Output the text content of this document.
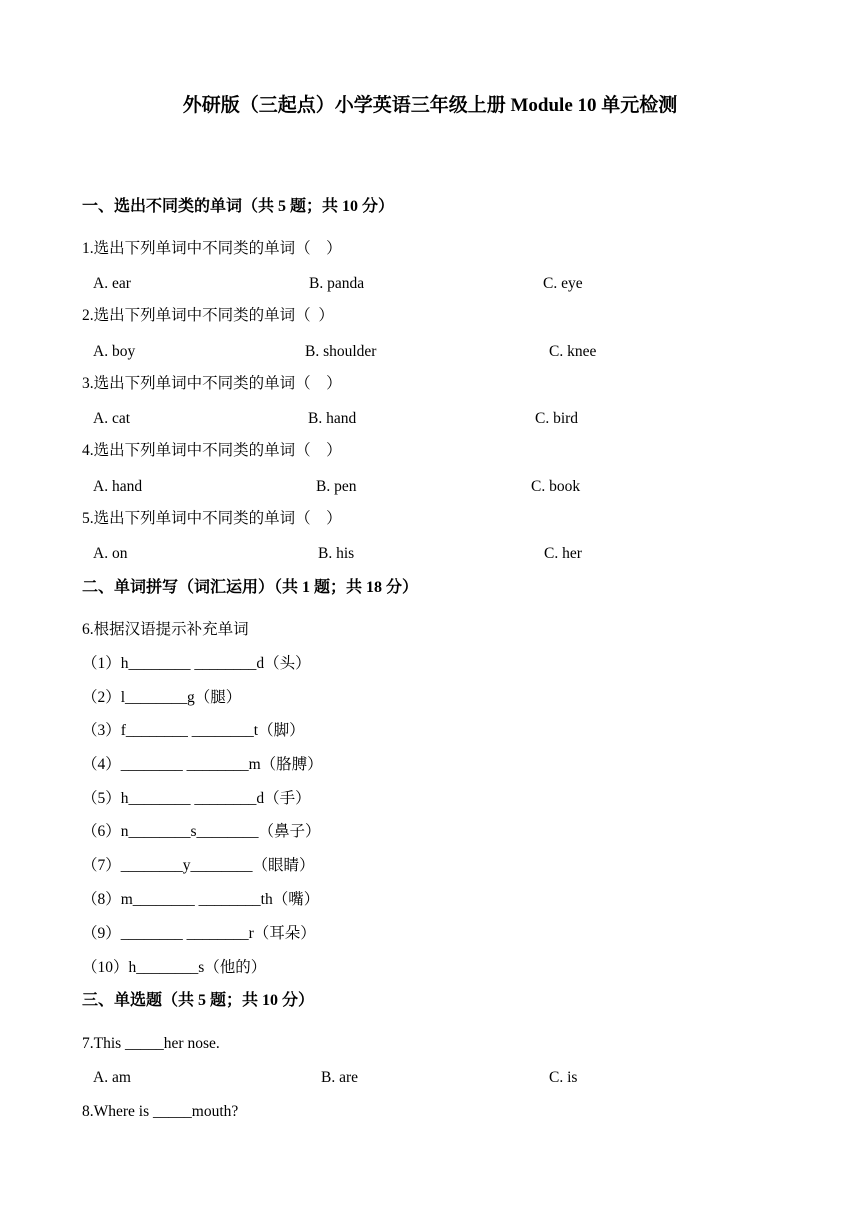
外研版（三起点）小学英语三年级上册 Module 10 单元检测
一、选出不同类的单词（共 5 题；共 10 分）
1.选出下列单词中不同类的单词（    ）
A. ear	B. panda	C. eye
2.选出下列单词中不同类的单词（  ）
A. boy	B. shoulder	C. knee
3.选出下列单词中不同类的单词（    ）
A. cat	B. hand	C. bird
4.选出下列单词中不同类的单词（    ）
A. hand	B. pen	C. book
5.选出下列单词中不同类的单词（    ）
A. on	B. his	C. her
二、单词拼写（词汇运用）（共 1 题；共 18 分）
6.根据汉语提示补充单词
（1）h________ ________d（头）
（2）l________g（腿）
（3）f________ ________t（脚）
（4）________ ________m（胳膊）
（5）h________ ________d（手）
（6）n________s________（鼻子）
（7）________y________（眼睛）
（8）m________ ________th（嘴）
（9）________ ________r（耳朵）
（10）h________s（他的）
三、单选题（共 5 题；共 10 分）
7.This _____her nose.
A. am	B. are	C. is
8.Where is _____mouth?
